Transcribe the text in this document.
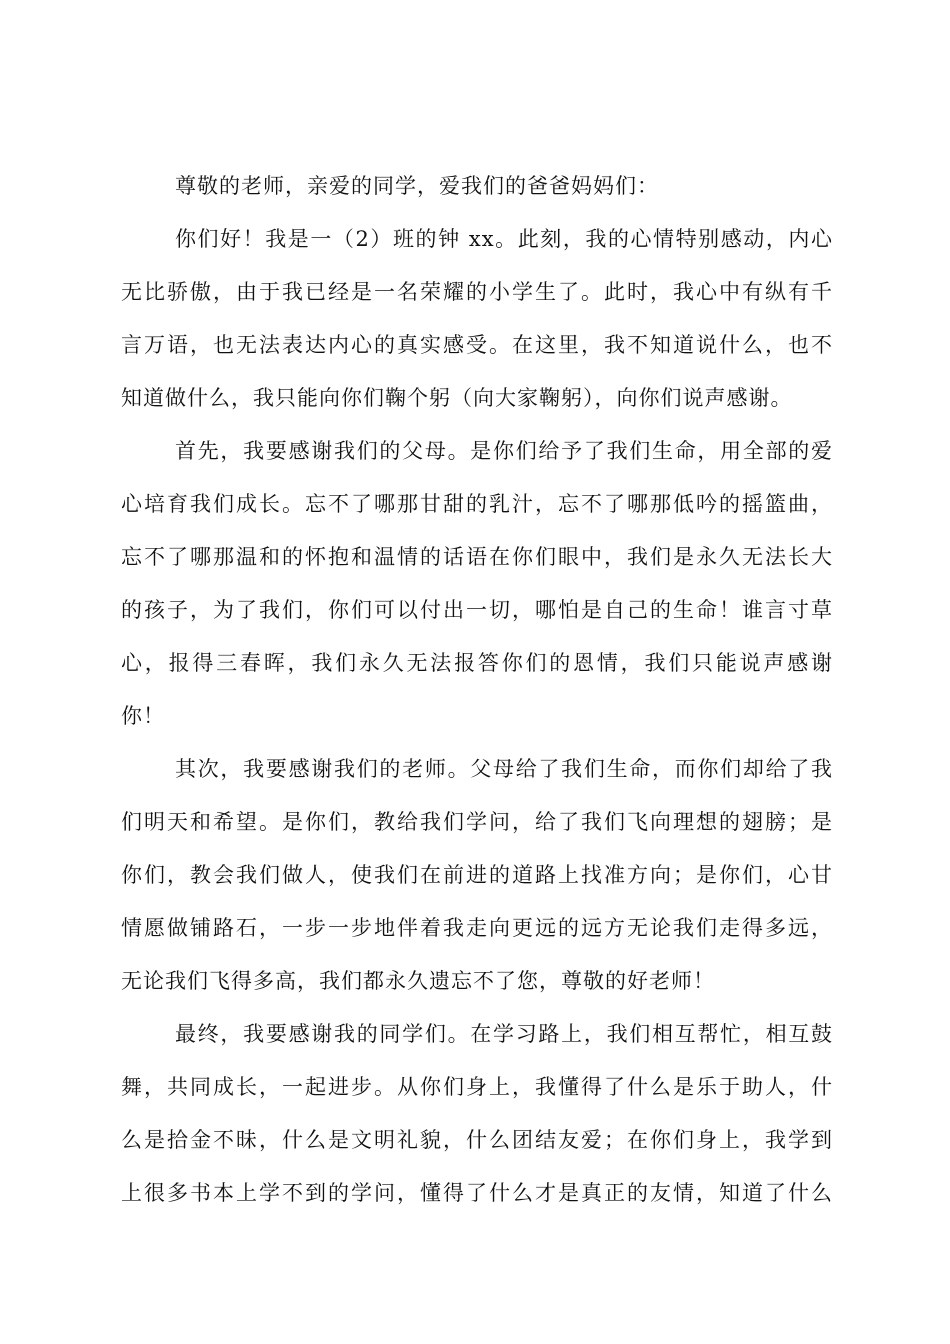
尊敬的老师，亲爱的同学，爱我们的爸爸妈妈们：
你们好！我是一（2）班的钟 xx。此刻，我的心情特别感动，内心
无比骄傲，由于我已经是一名荣耀的小学生了。此时，我心中有纵有千
言万语，也无法表达内心的真实感受。在这里，我不知道说什么，也不
知道做什么，我只能向你们鞠个躬（向大家鞠躬），向你们说声感谢。
首先，我要感谢我们的父母。是你们给予了我们生命，用全部的爱
心培育我们成长。忘不了哪那甘甜的乳汁，忘不了哪那低吟的摇篮曲，
忘不了哪那温和的怀抱和温情的话语在你们眼中，我们是永久无法长大
的孩子，为了我们，你们可以付出一切，哪怕是自己的生命！谁言寸草
心，报得三春晖，我们永久无法报答你们的恩情，我们只能说声感谢
你！
其次，我要感谢我们的老师。父母给了我们生命，而你们却给了我
们明天和希望。是你们，教给我们学问，给了我们飞向理想的翅膀；是
你们，教会我们做人，使我们在前进的道路上找准方向；是你们，心甘
情愿做铺路石，一步一步地伴着我走向更远的远方无论我们走得多远，
无论我们飞得多高，我们都永久遗忘不了您，尊敬的好老师！
最终，我要感谢我的同学们。在学习路上，我们相互帮忙，相互鼓
舞，共同成长，一起进步。从你们身上，我懂得了什么是乐于助人，什
么是拾金不昧，什么是文明礼貌，什么团结友爱；在你们身上，我学到
上很多书本上学不到的学问，懂得了什么才是真正的友情，知道了什么
